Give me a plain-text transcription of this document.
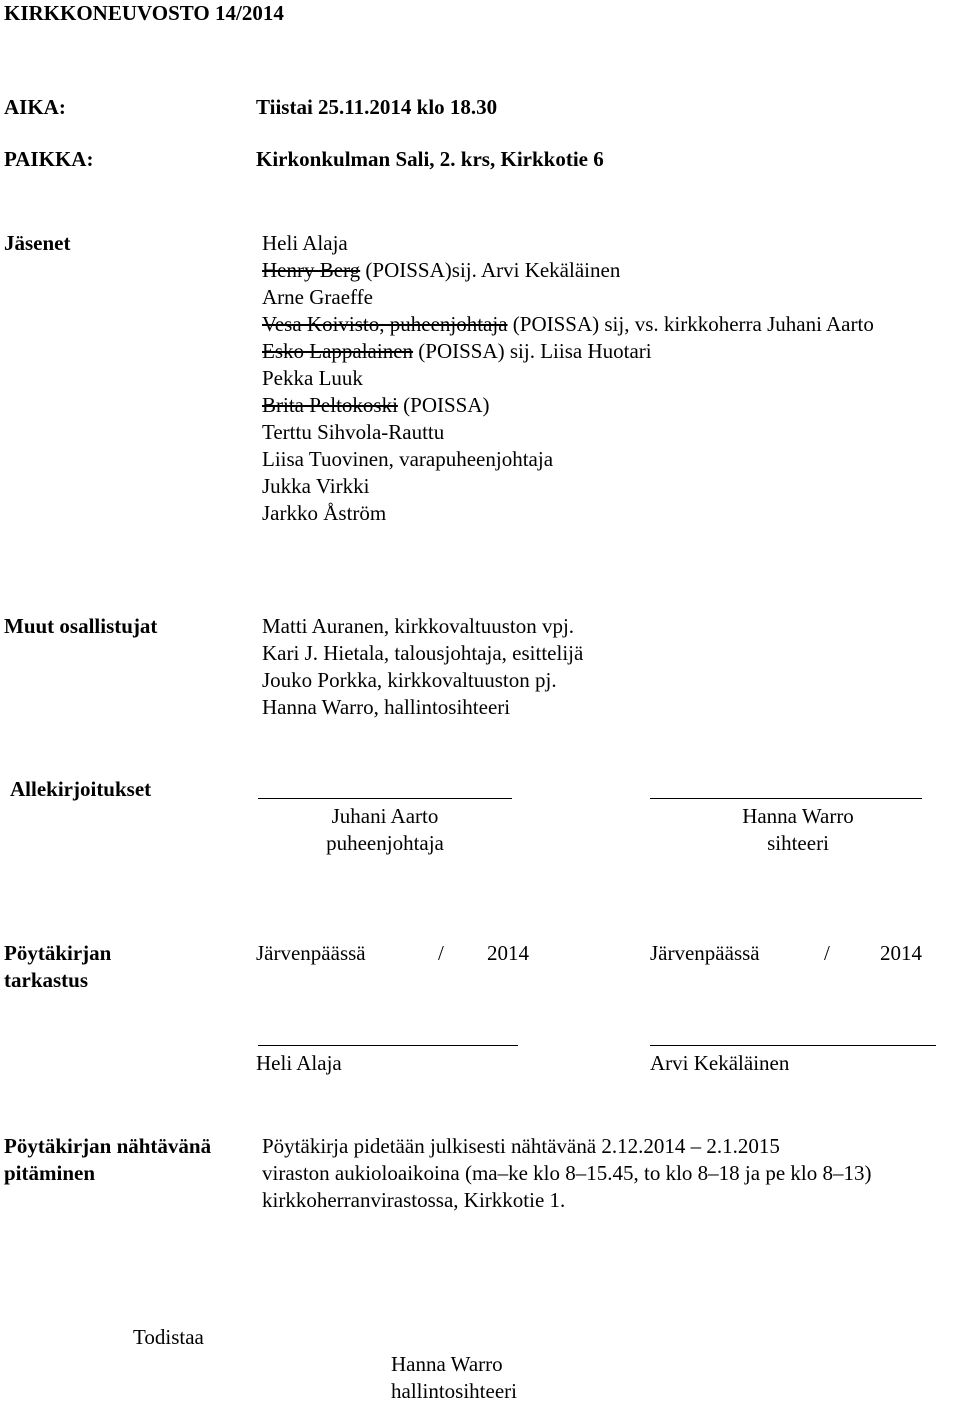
KIRKKONEUVOSTO 14/2014
AIKA:	Tiistai 25.11.2014 klo 18.30
PAIKKA:	Kirkonkulman Sali, 2. krs, Kirkkotie 6
Jäsenet	Heli Alaja
Henry Berg (POISSA)sij. Arvi Kekäläinen
Arne Graeffe
Vesa Koivisto, puheenjohtaja (POISSA) sij, vs. kirkkoherra Juhani Aarto
Esko Lappalainen (POISSA) sij. Liisa Huotari
Pekka Luuk
Brita Peltokoski (POISSA)
Terttu Sihvola-Rauttu
Liisa Tuovinen, varapuheenjohtaja
Jukka Virkki
Jarkko Åström
Muut osallistujat	Matti Auranen, kirkkovaltuuston vpj.
Kari J. Hietala, talousjohtaja, esittelijä
Jouko Porkka, kirkkovaltuuston pj.
Hanna Warro, hallintosihteeri
Allekirjoitukset
Juhani Aarto
puheenjohtaja
Hanna Warro
sihteeri
Pöytäkirjan
tarkastus
Järvenpäässä	/ 2014	Järvenpäässä	/ 2014
Heli Alaja	Arvi Kekäläinen
Pöytäkirjan nähtävänä
pitäminen
Pöytäkirja pidetään julkisesti nähtävänä 2.12.2014 – 2.1.2015
viraston aukioloaikoina (ma–ke klo 8–15.45, to klo 8–18 ja pe klo 8–13)
kirkkoherranvirastossa, Kirkkotie 1.
Todistaa
Hanna Warro
hallintosihteeri
